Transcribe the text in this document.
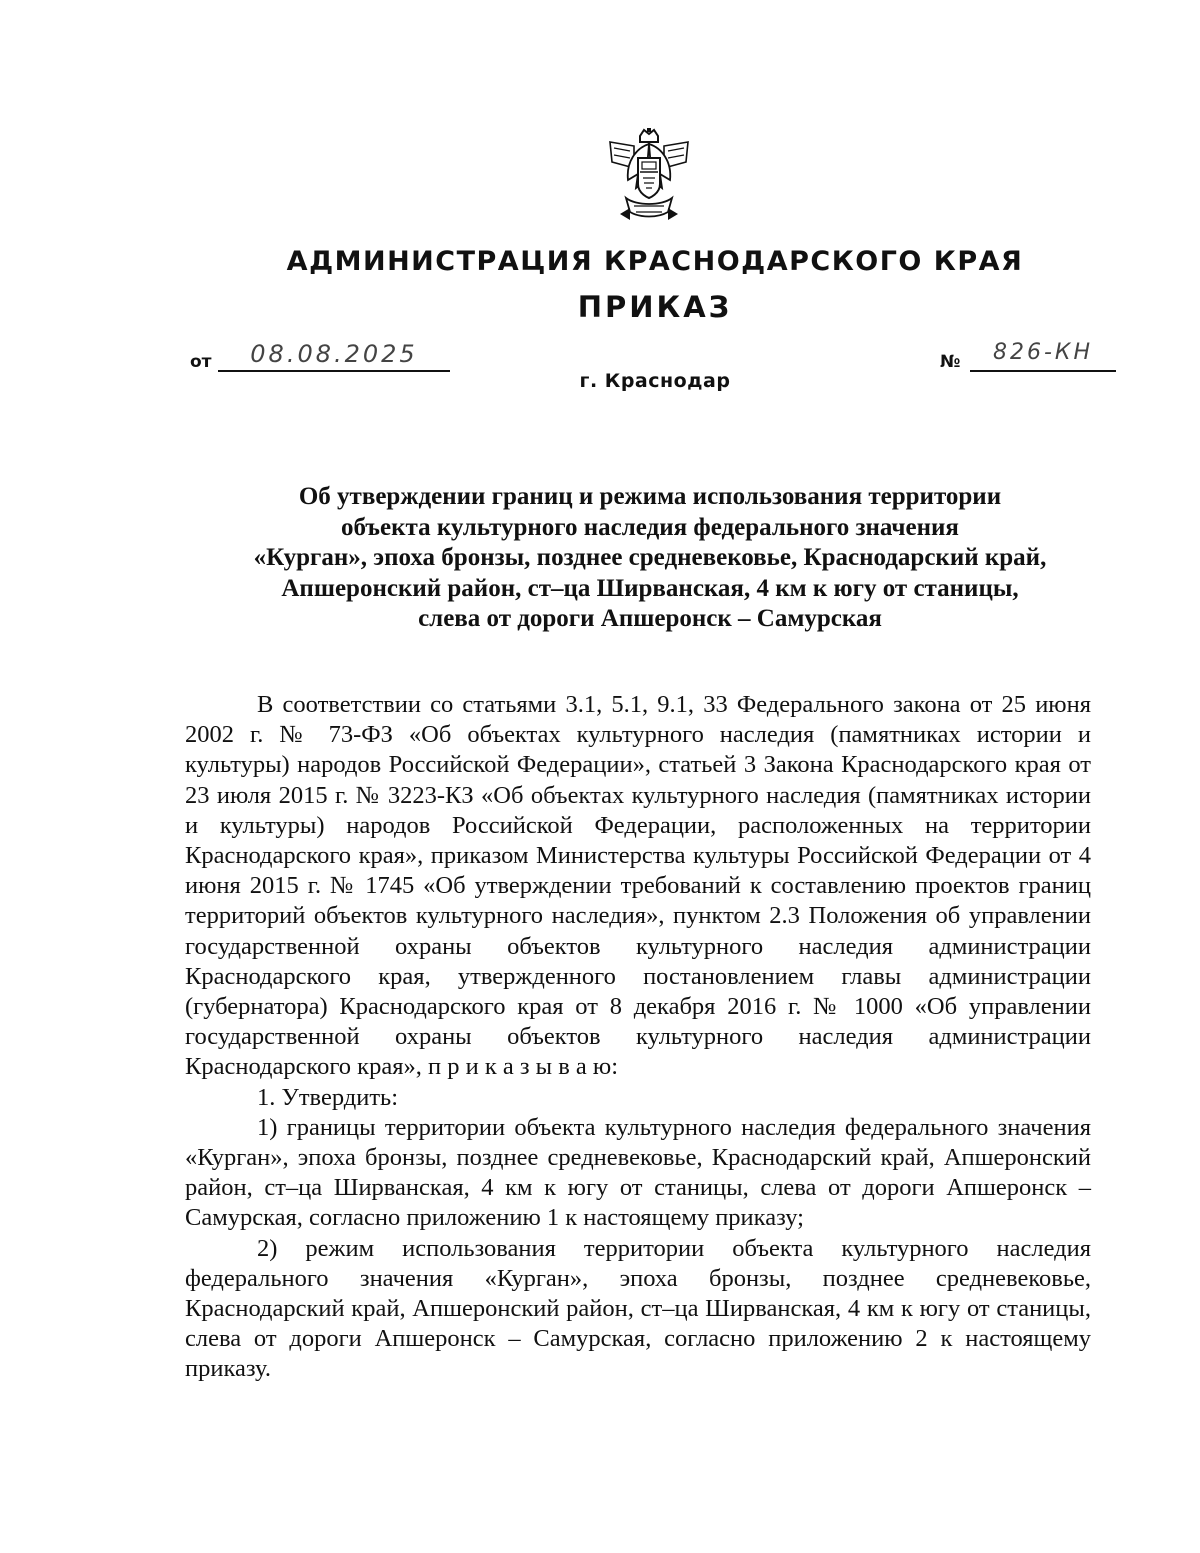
АДМИНИСТРАЦИЯ КРАСНОДАРСКОГО КРАЯ
ПРИКАЗ
от	08.08.2025	№	826-КН
г. Краснодар
Об утверждении границ и режима использования территории
объекта культурного наследия федерального значения
«Курган», эпоха бронзы, позднее средневековье, Краснодарский край,
Апшеронский район, ст–ца Ширванская, 4 км к югу от станицы,
слева от дороги Апшеронск – Самурская

В соответствии со статьями 3.1, 5.1, 9.1, 33 Федерального закона от 25 июня 2002 г. № 73-ФЗ «Об объектах культурного наследия (памятниках истории и культуры) народов Российской Федерации», статьей 3 Закона Краснодарского края от 23 июля 2015 г. № 3223-КЗ «Об объектах культурного наследия (памятниках истории и культуры) народов Российской Федерации, расположенных на территории Краснодарского края», приказом Министерства культуры Российской Федерации от 4 июня 2015 г. № 1745 «Об утверждении требований к составлению проектов границ территорий объектов культурного наследия», пунктом 2.3 Положения об управлении государственной охраны объектов культурного наследия администрации Краснодарского края, утвержденного постановлением главы администрации (губернатора) Краснодарского края от 8 декабря 2016 г. № 1000 «Об управлении государственной охраны объектов культурного наследия администрации Краснодарского края», п р и к а з ы в а ю:

1. Утвердить:

1) границы территории объекта культурного наследия федерального значения «Курган», эпоха бронзы, позднее средневековье, Краснодарский край, Апшеронский район, ст–ца Ширванская, 4 км к югу от станицы, слева от дороги Апшеронск – Самурская, согласно приложению 1 к настоящему приказу;

2) режим использования территории объекта культурного наследия федерального значения «Курган», эпоха бронзы, позднее средневековье, Краснодарский край, Апшеронский район, ст–ца Ширванская, 4 км к югу от станицы, слева от дороги Апшеронск – Самурская, согласно приложению 2 к настоящему приказу.
